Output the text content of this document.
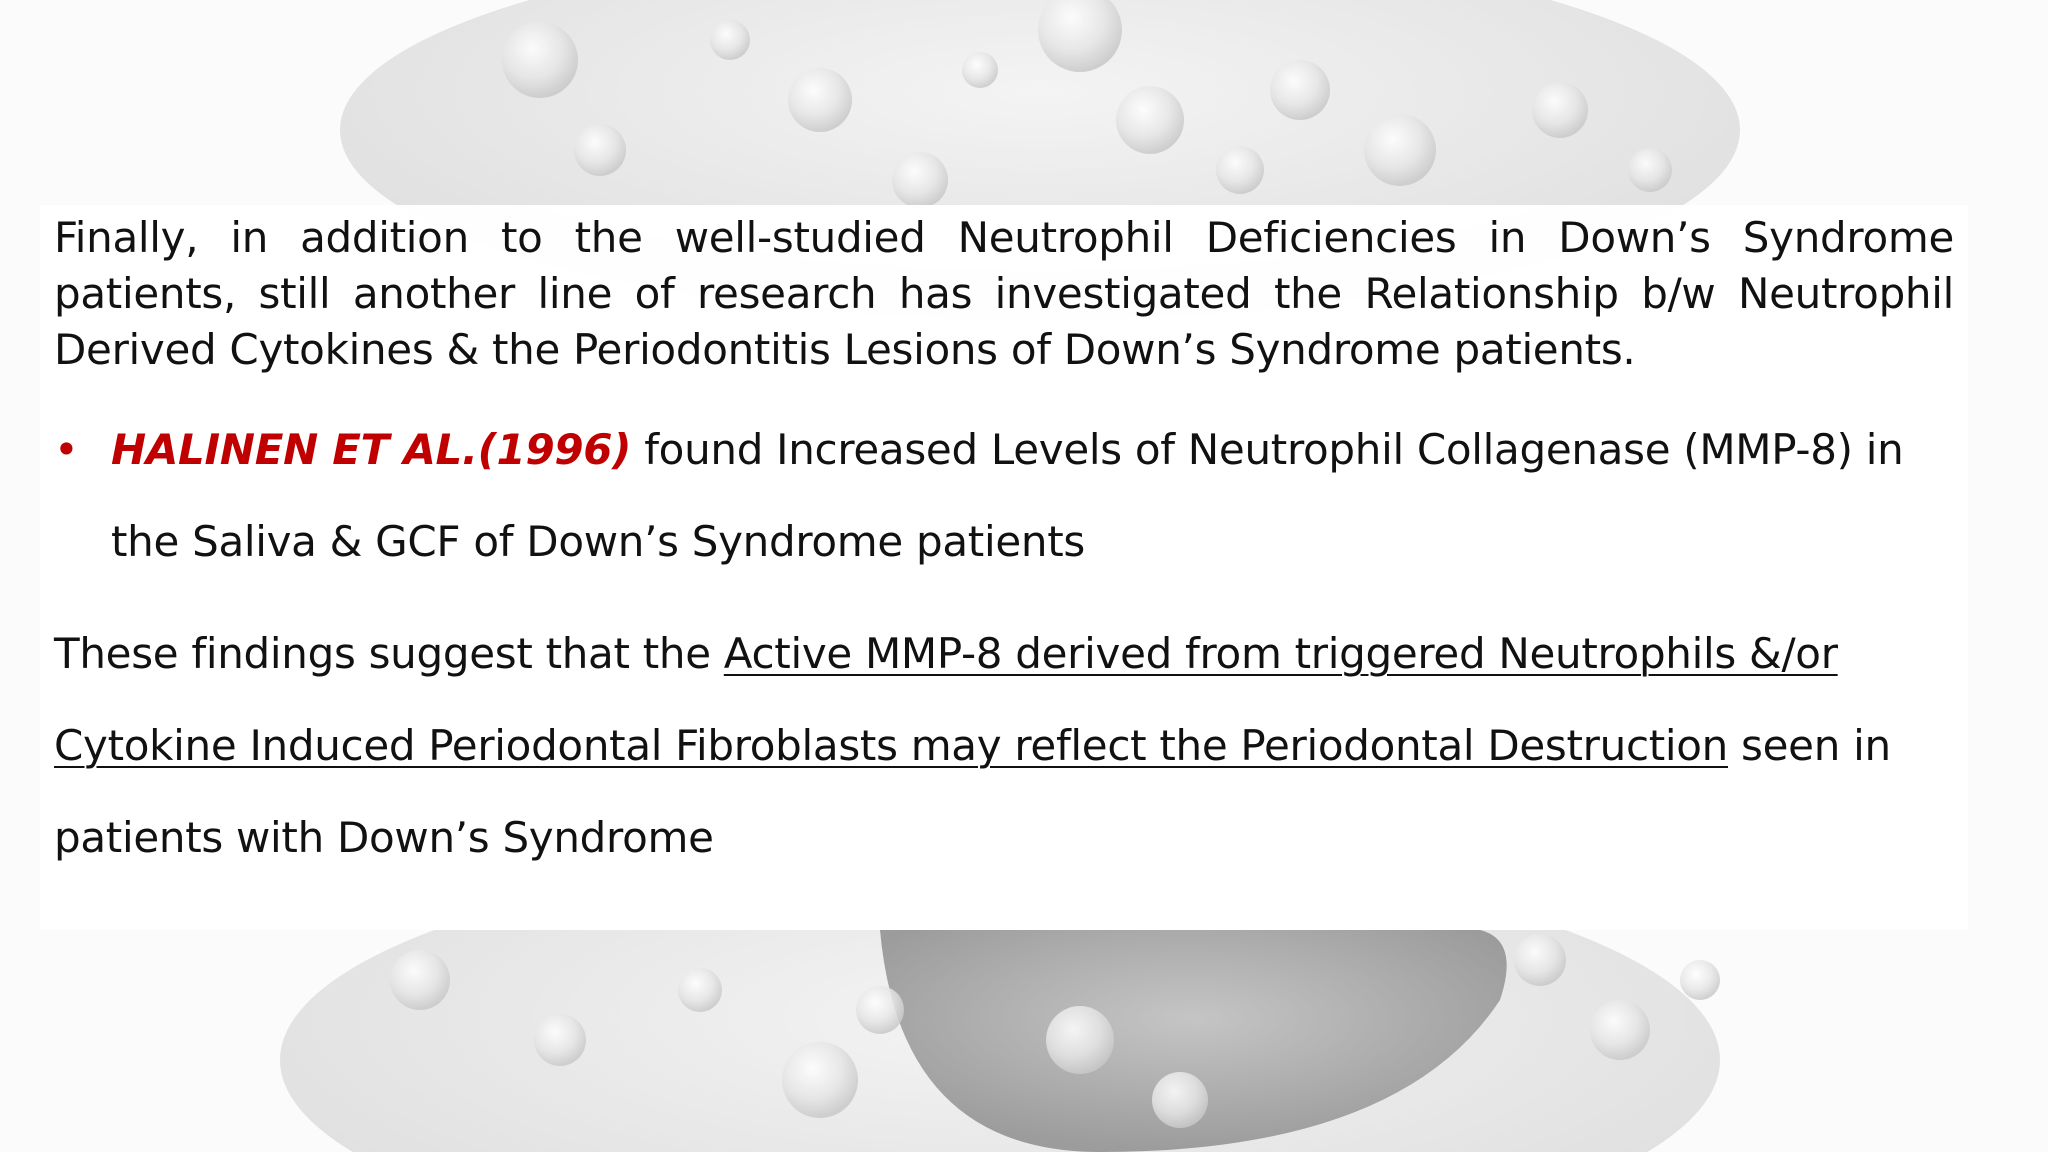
Finally, in addition to the well-studied Neutrophil Deficiencies in Down’s Syndrome patients, still another line of research has investigated the Relationship b/w Neutrophil Derived Cytokines & the Periodontitis Lesions of Down’s Syndrome patients.

• HALINEN ET AL.(1996) found Increased Levels of Neutrophil Collagenase (MMP-8) in the Saliva & GCF of Down’s Syndrome patients

These findings suggest that the Active MMP-8 derived from triggered Neutrophils &/or Cytokine Induced Periodontal Fibroblasts may reflect the Periodontal Destruction seen in patients with Down’s Syndrome
